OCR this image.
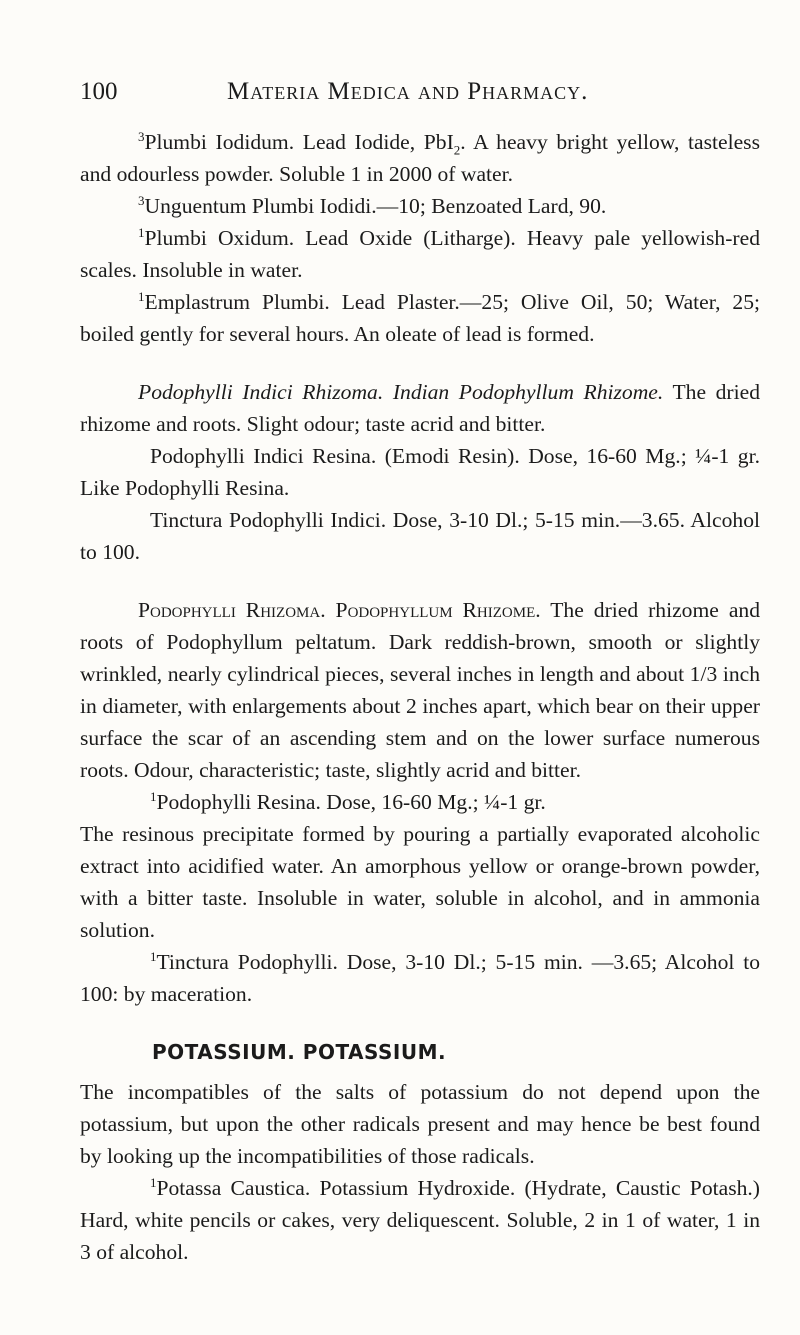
100	Materia Medica and Pharmacy.

$^3$Plumbi Iodidum. Lead Iodide, PbI$_2$. A heavy bright yellow, tasteless and odourless powder. Soluble 1 in 2000 of water.

$^3$Unguentum Plumbi Iodidi.—10; Benzoated Lard, 90.

$^1$Plumbi Oxidum. Lead Oxide (Litharge). Heavy pale yellowish-red scales. Insoluble in water.

$^1$Emplastrum Plumbi. Lead Plaster.—25; Olive Oil, 50; Water, 25; boiled gently for several hours. An oleate of lead is formed.

Podophylli Indici Rhizoma. Indian Podophyllum Rhizome. The dried rhizome and roots. Slight odour; taste acrid and bitter.

Podophylli Indici Resina. (Emodi Resin). Dose, 16-60 Mg.; ¼-1 gr. Like Podophylli Resina.

Tinctura Podophylli Indici. Dose, 3-10 Dl.; 5-15 min.—3.65. Alcohol to 100.

Podophylli Rhizoma. Podophyllum Rhizome. The dried rhizome and roots of Podophyllum peltatum. Dark reddish-brown, smooth or slightly wrinkled, nearly cylindrical pieces, several inches in length and about 1/3 inch in diameter, with enlargements about 2 inches apart, which bear on their upper surface the scar of an ascending stem and on the lower surface numerous roots. Odour, characteristic; taste, slightly acrid and bitter.

$^1$Podophylli Resina. Dose, 16-60 Mg.; ¼-1 gr.

The resinous precipitate formed by pouring a partially evaporated alcoholic extract into acidified water. An amorphous yellow or orange-brown powder, with a bitter taste. Insoluble in water, soluble in alcohol, and in ammonia solution.

$^1$Tinctura Podophylli. Dose, 3-10 Dl.; 5-15 min. —3.65; Alcohol to 100: by maceration.

POTASSIUM. POTASSIUM.

The incompatibles of the salts of potassium do not depend upon the potassium, but upon the other radicals present and may hence be best found by looking up the incompatibilities of those radicals.

$^1$Potassa Caustica. Potassium Hydroxide. (Hydrate, Caustic Potash.) Hard, white pencils or cakes, very deliquescent. Soluble, 2 in 1 of water, 1 in 3 of alcohol.
